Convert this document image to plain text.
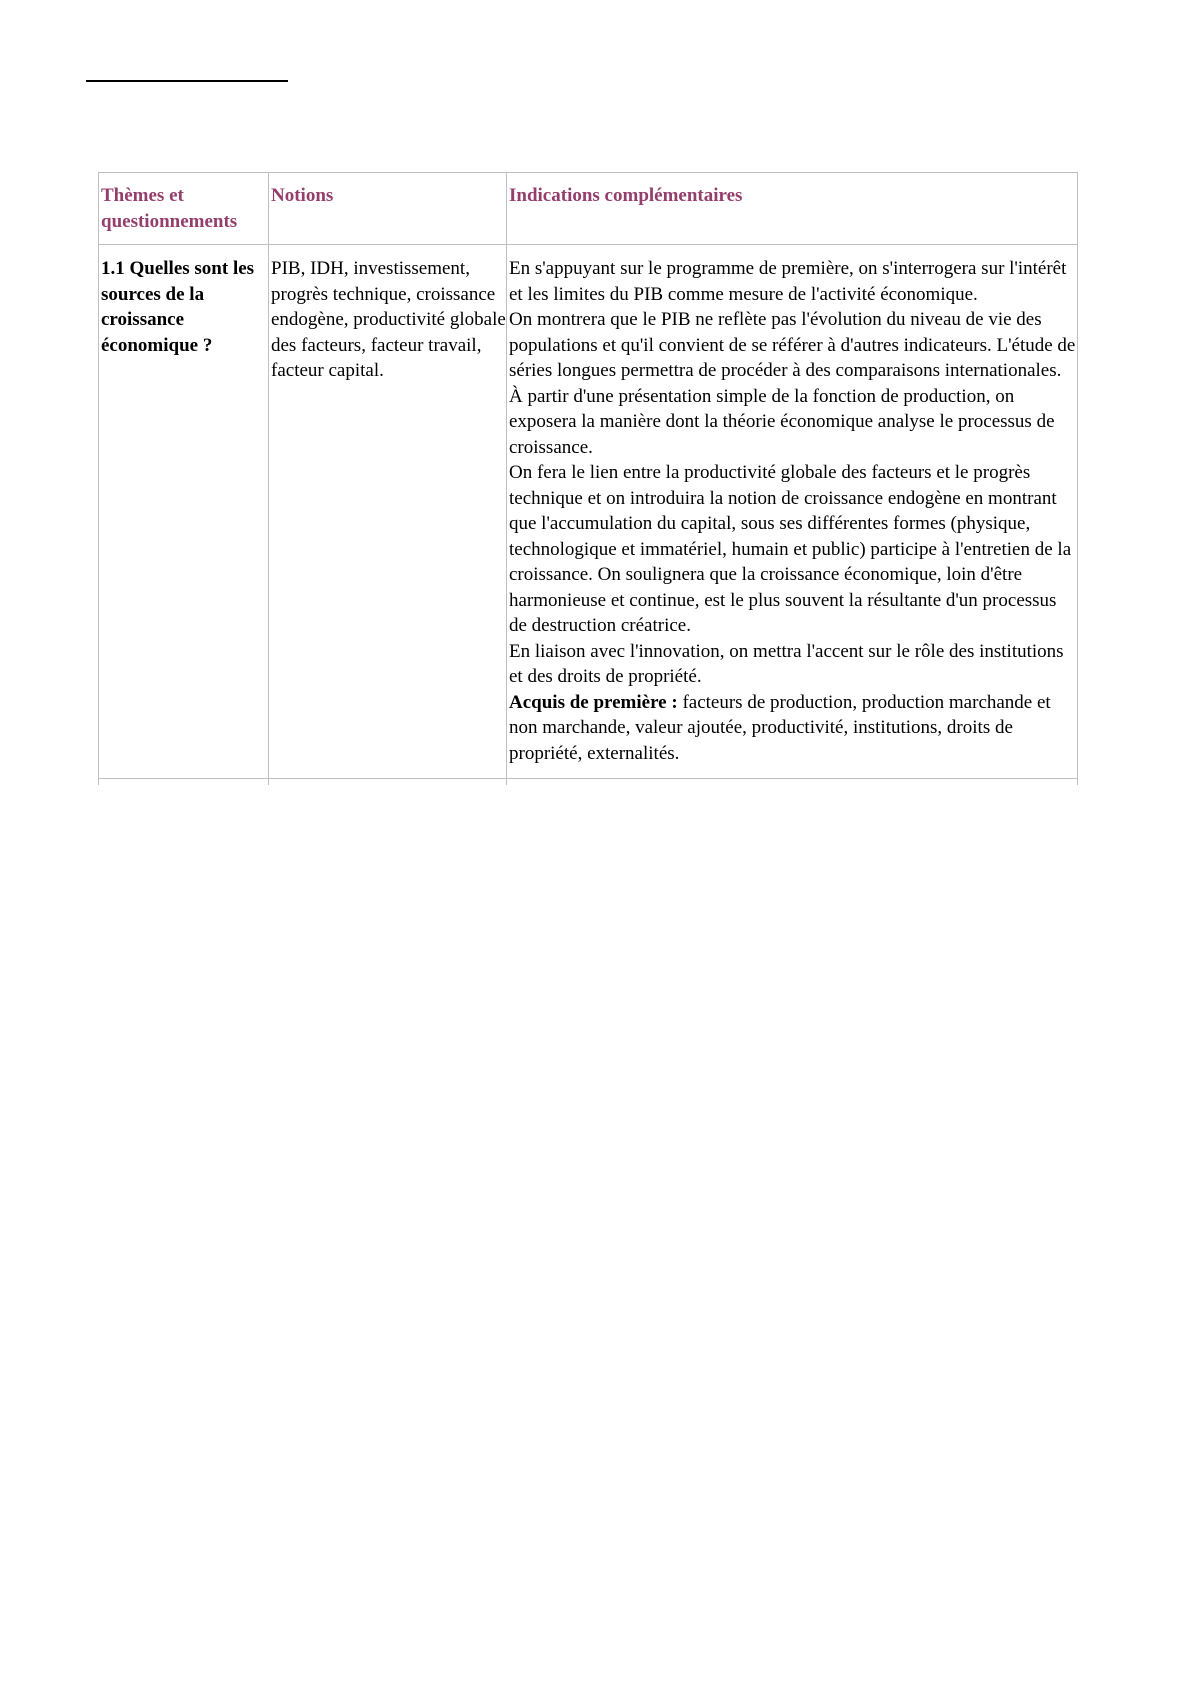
Thèmes et questionnements	Notions	Indications complémentaires

1.1 Quelles sont les sources de la croissance économique ?	PIB, IDH, investissement, progrès technique, croissance endogène, productivité globale des facteurs, facteur travail, facteur capital.	En s'appuyant sur le programme de première, on s'interrogera sur l'intérêt et les limites du PIB comme mesure de l'activité économique.
On montrera que le PIB ne reflète pas l'évolution du niveau de vie des populations et qu'il convient de se référer à d'autres indicateurs. L'étude de séries longues permettra de procéder à des comparaisons internationales. À partir d'une présentation simple de la fonction de production, on exposera la manière dont la théorie économique analyse le processus de croissance.
On fera le lien entre la productivité globale des facteurs et le progrès technique et on introduira la notion de croissance endogène en montrant que l'accumulation du capital, sous ses différentes formes (physique, technologique et immatériel, humain et public) participe à l'entretien de la croissance. On soulignera que la croissance économique, loin d'être harmonieuse et continue, est le plus souvent la résultante d'un processus de destruction créatrice.
En liaison avec l'innovation, on mettra l'accent sur le rôle des institutions et des droits de propriété.
Acquis de première : facteurs de production, production marchande et non marchande, valeur ajoutée, productivité, institutions, droits de propriété, externalités.
